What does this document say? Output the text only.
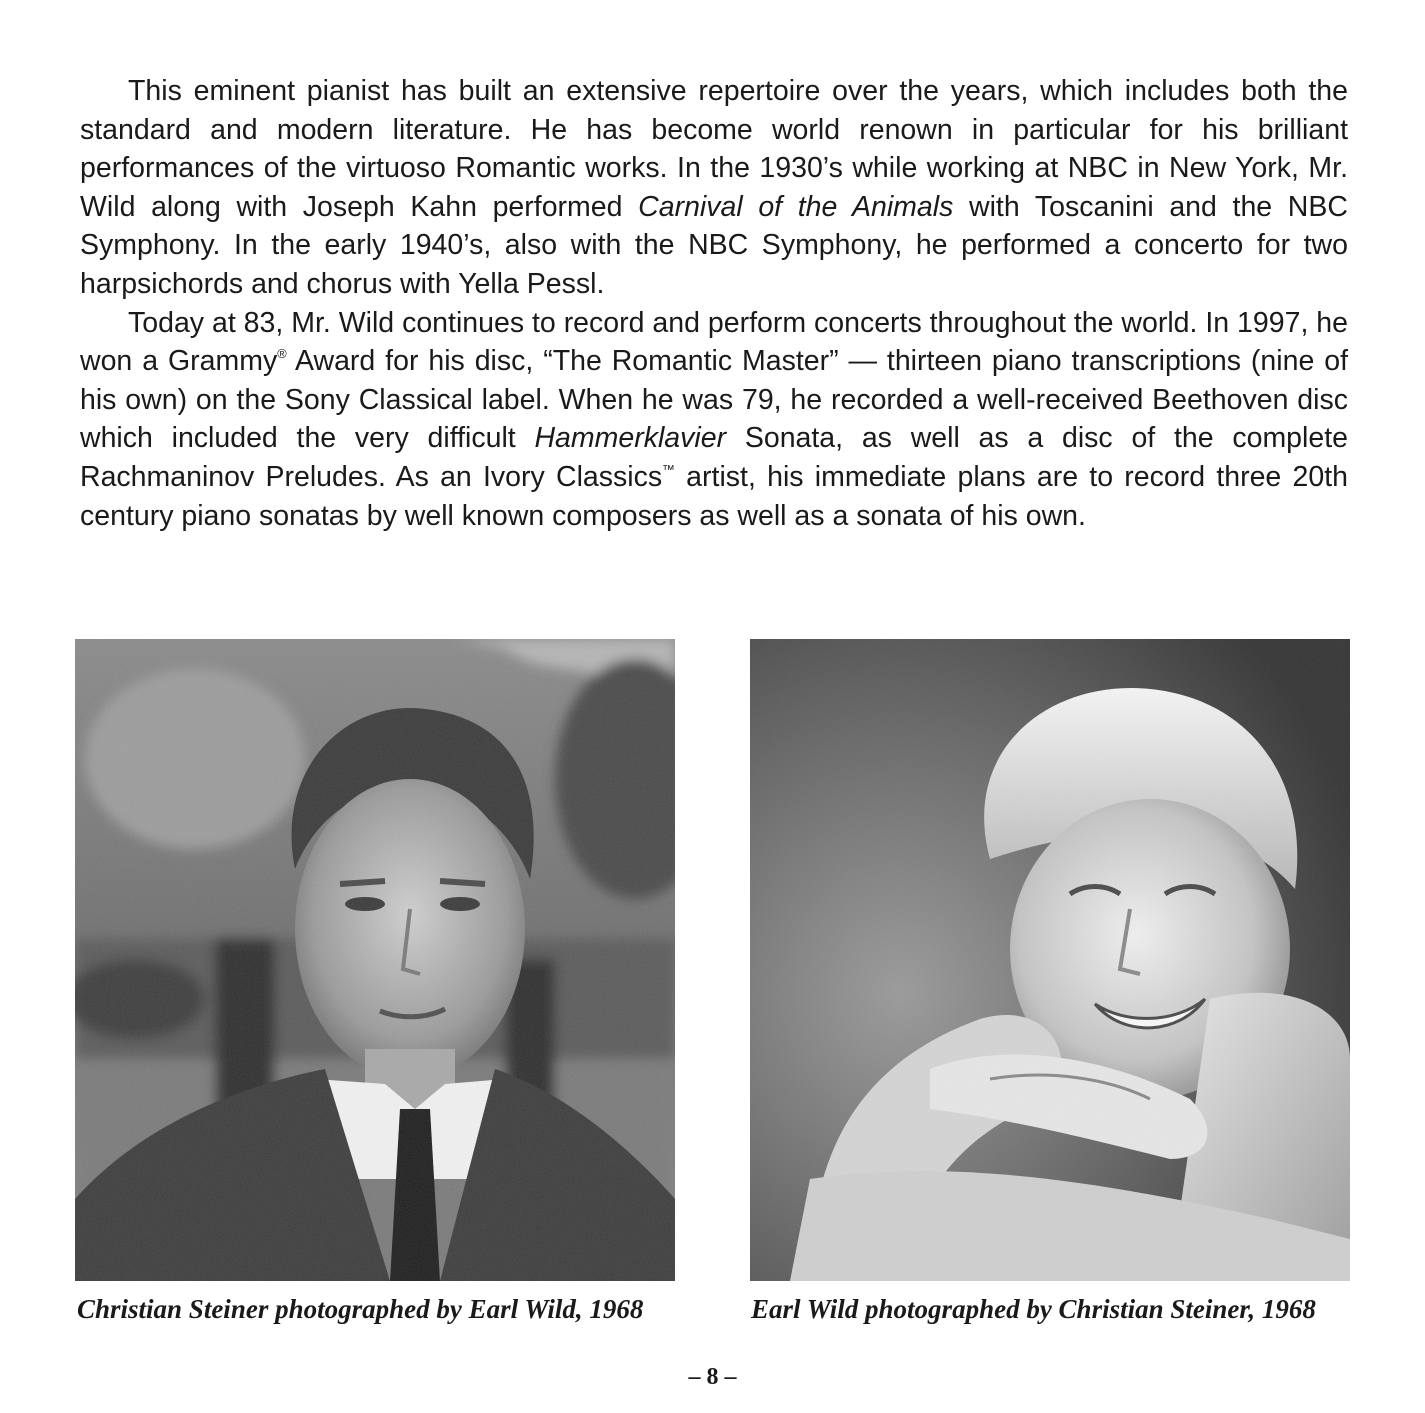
This eminent pianist has built an extensive repertoire over the years, which includes both the standard and modern literature. He has become world renown in particular for his brilliant performances of the virtuoso Romantic works. In the 1930’s while working at NBC in New York, Mr. Wild along with Joseph Kahn performed Carnival of the Animals with Toscanini and the NBC Symphony. In the early 1940’s, also with the NBC Symphony, he performed a concerto for two harpsichords and chorus with Yella Pessl.

Today at 83, Mr. Wild continues to record and perform concerts throughout the world. In 1997, he won a Grammy® Award for his disc, “The Romantic Master” — thirteen piano transcriptions (nine of his own) on the Sony Classical label. When he was 79, he recorded a well-received Beethoven disc which included the very difficult Hammerklavier Sonata, as well as a disc of the complete Rachmaninov Preludes. As an Ivory Classics™ artist, his immediate plans are to record three 20th century piano sonatas by well known composers as well as a sonata of his own.

Christian Steiner photographed by Earl Wild, 1968	Earl Wild photographed by Christian Steiner, 1968
– 8 –
